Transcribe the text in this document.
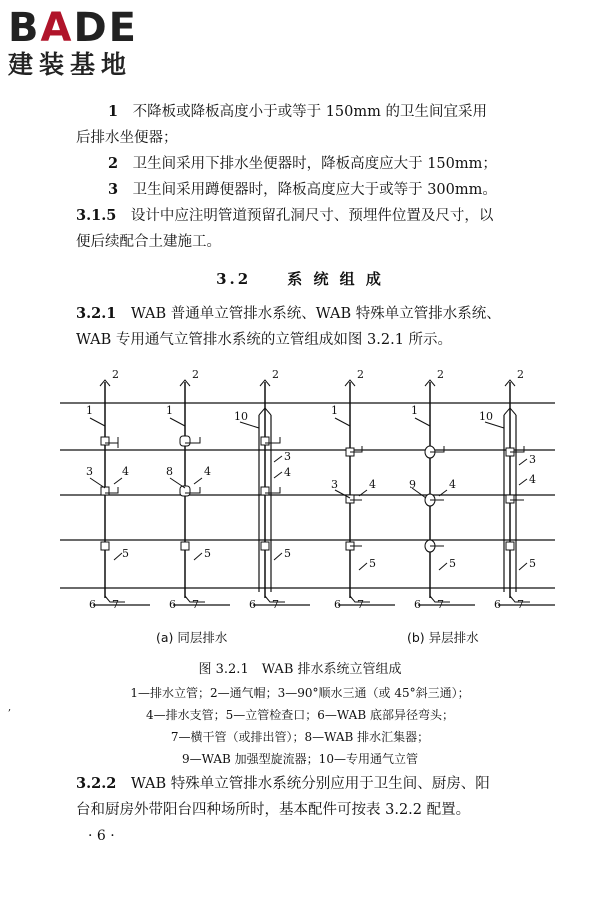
BADE
建装基地
1　 不降板或降板高度小于或等于 150mm 的卫生间宜采用
后排水坐便器；
2　 卫生间采用下排水坐便器时，降板高度应大于 150mm；
3　 卫生间采用蹲便器时，降板高度应大于或等于 300mm。
3.1.5　 设计中应注明管道预留孔洞尺寸、预埋件位置及尺寸，以
便后续配合土建施工。
3.2　　 系 统 组 成
3.2.1　 WAB 普通单立管排水系统、WAB 特殊单立管排水系统、
WAB 专用通气立管排水系统的立管组成如图 3.2.1 所示。
2	2	2	2	2	2
1	1	1	1
10	10
3
3
3
3
4	4	4
4	4	4
8
9
5	5	5
5	5	5
6	6	6	6	6	6
7	7	7	7	7	7
(a) 同层排水	(b) 异层排水
图 3.2.1　WAB 排水系统立管组成
1—排水立管；2—通气帽；3—90°顺水三通（或 45°斜三通）；
4—排水支管；5—立管检查口；6—WAB 底部异径弯头；
7—横干管（或排出管）；8—WAB 排水汇集器；
9—WAB 加强型旋流器；10—专用通气立管
,
3.2.2　 WAB 特殊单立管排水系统分别应用于卫生间、厨房、阳
台和厨房外带阳台四种场所时，基本配件可按表 3.2.2 配置。
· 6 ·
